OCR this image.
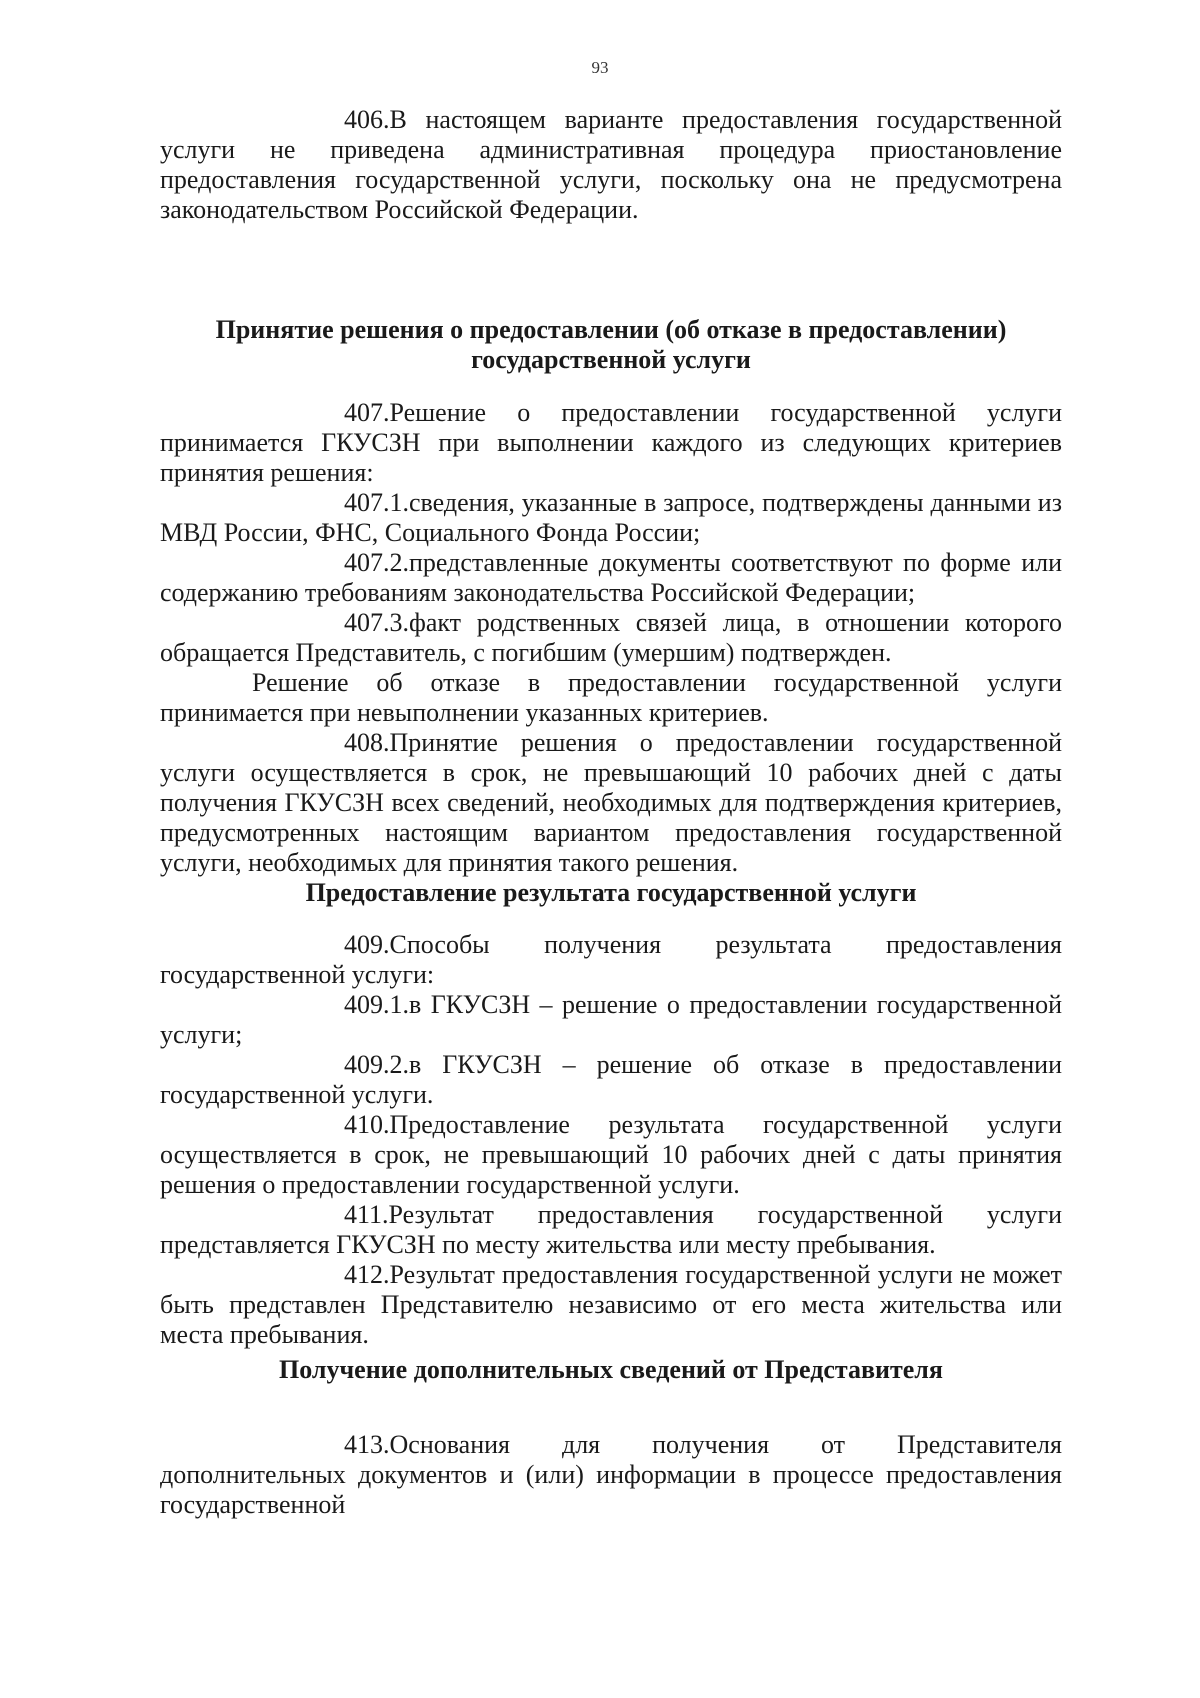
93

406.В настоящем варианте предоставления государственной услуги не приведена административная процедура приостановление предоставления государственной услуги, поскольку она не предусмотрена законодательством Российской Федерации.

Принятие решения о предоставлении (об отказе в предоставлении)
государственной услуги

407.Решение о предоставлении государственной услуги принимается ГКУСЗН при выполнении каждого из следующих критериев принятия решения:

407.1.сведения, указанные в запросе, подтверждены данными из МВД России, ФНС, Социального Фонда России;

407.2.представленные документы соответствуют по форме или содержанию требованиям законодательства Российской Федерации;

407.3.факт родственных связей лица, в отношении которого обращается Представитель, с погибшим (умершим) подтвержден.

Решение об отказе в предоставлении государственной услуги принимается при невыполнении указанных критериев.

408.Принятие решения о предоставлении государственной услуги осуществляется в срок, не превышающий 10 рабочих дней с даты получения ГКУСЗН всех сведений, необходимых для подтверждения критериев, предусмотренных настоящим вариантом предоставления государственной услуги, необходимых для принятия такого решения.

Предоставление результата государственной услуги

409.Способы получения результата предоставления государственной услуги:

409.1.в ГКУСЗН – решение о предоставлении государственной услуги;

409.2.в ГКУСЗН – решение об отказе в предоставлении государственной услуги.

410.Предоставление результата государственной услуги осуществляется в срок, не превышающий 10 рабочих дней с даты принятия решения о предоставлении государственной услуги.

411.Результат предоставления государственной услуги представляется ГКУСЗН по месту жительства или месту пребывания.

412.Результат предоставления государственной услуги не может быть представлен Представителю независимо от его места жительства или места пребывания.

Получение дополнительных сведений от Представителя

413.Основания для получения от Представителя дополнительных документов и (или) информации в процессе предоставления государственной
